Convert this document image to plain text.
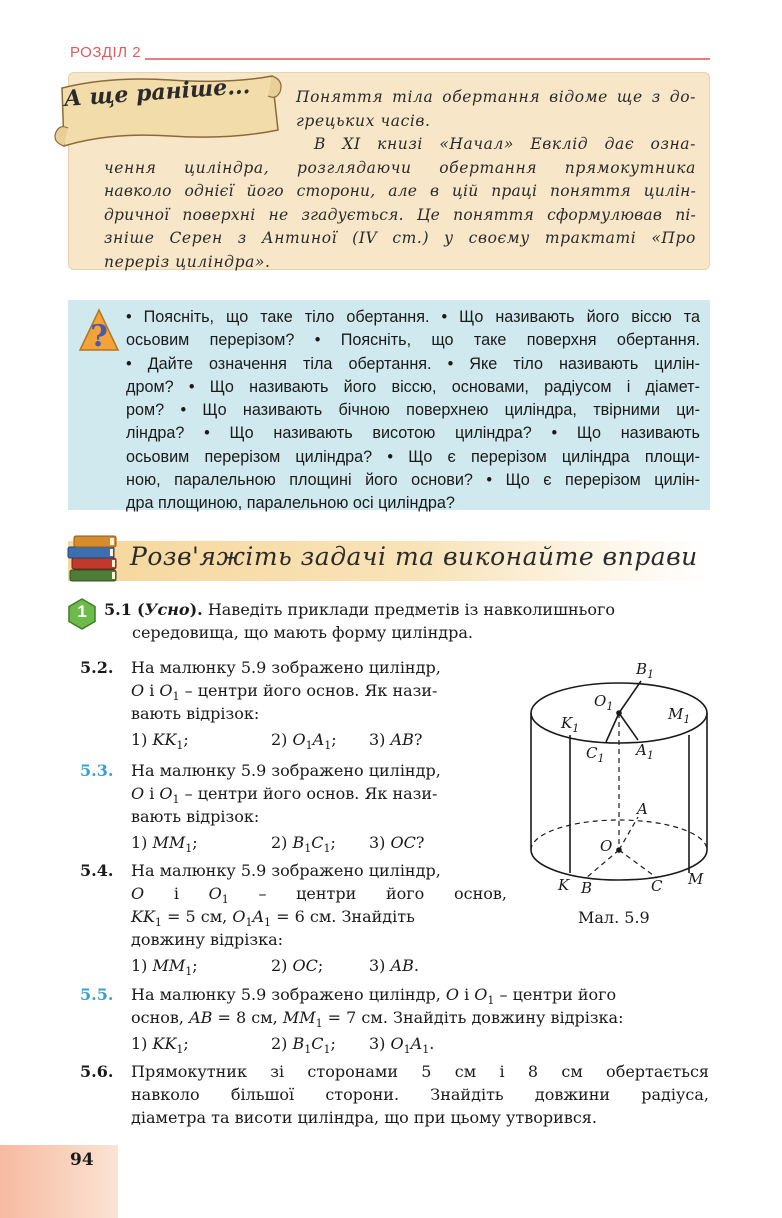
РОЗДІЛ 2
А ще раніше...	Поняття тіла обертання відоме ще з до-
грецьких часів.
В XI книзі «Начал» Евклід дає озна-
чення циліндра, розглядаючи обертання прямокутника
навколо однієї його сторони, але в цій праці поняття цилін-
дричної поверхні не згадується. Це поняття сформулював пі-
зніше Серен з Антиної (IV ст.) у своєму трактаті «Про
переріз циліндра».
?
• Поясніть, що таке тіло обертання. • Що називають його віссю та
осьовим перерізом? • Поясніть, що таке поверхня обертання.
• Дайте означення тіла обертання. • Яке тіло називають цилін-
дром? • Що називають його віссю, основами, радіусом і діамет-
ром? • Що називають бічною поверхнею циліндра, твірними ци-
ліндра? • Що називають висотою циліндра? • Що називають
осьовим перерізом циліндра? • Що є перерізом циліндра площи-
ною, паралельною площині його основи? • Що є перерізом цилін-
дра площиною, паралельною осі циліндра?
Розв'яжіть задачі та виконайте вправи
1	5.1 (Усно). Наведіть приклади предметів із навколишнього
середовища, що мають форму циліндра.
5.2. На малюнку 5.9 зображено циліндр,
O і $O_1$ – центри його основ. Як нази-
вають відрізок:
1) $KK_1$;	2) $O_1A_1$; 3) AB?
5.3. На малюнку 5.9 зображено циліндр,
O і $O_1$ – центри його основ. Як нази-
вають відрізок:
1) $MM_1$;	2) $B_1C_1$; 3) OC?
5.4. На малюнку 5.9 зображено циліндр,
O і $O_1$ – центри його основ,
$KK_1 = 5$ см, $O_1A_1 = 6$ см. Знайдіть
довжину відрізка:
1) $MM_1$;	2) OC;	3) AB.
5.5. На малюнку 5.9 зображено циліндр, O і $O_1$ – центри його
основ, AB = 8 см, $MM_1 = 7$ см. Знайдіть довжину відрізка:
1) $KK_1$;	2) $B_1C_1$; 3) $O_1A_1$.
5.6. Прямокутник зі сторонами 5 см і 8 см обертається
навколо більшої сторони. Знайдіть довжини радіуса,
діаметра та висоти циліндра, що при цьому утворився.
$B_1$
$O_1$	$M_1$
$K_1$
$C_1$ $A_1$
A
O
K B	C M
Мал. 5.9
94
